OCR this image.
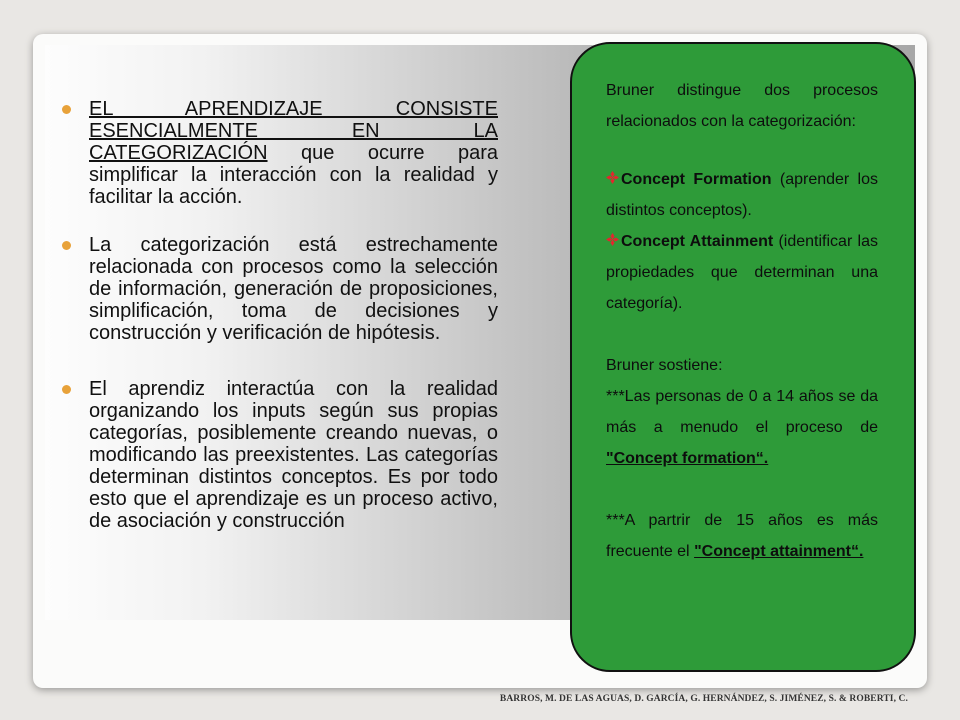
EL APRENDIZAJE CONSISTE ESENCIALMENTE EN LA CATEGORIZACIÓN que ocurre para simplificar la interacción con la realidad y facilitar la acción.
La categorización está estrechamente relacionada con procesos como la selección de información, generación de proposiciones, simplificación, toma de decisiones y construcción y verificación de hipótesis.
El aprendiz interactúa con la realidad organizando los inputs según sus propias categorías, posiblemente creando nuevas, o modificando las preexistentes. Las categorías determinan distintos conceptos. Es por todo esto que el aprendizaje es un proceso activo, de asociación y construcción

Bruner distingue dos procesos relacionados con la categorización:

Concept Formation (aprender los distintos conceptos).

Concept Attainment (identificar las propiedades que determinan una categoría).

Bruner sostiene:

***Las personas de 0 a 14 años se da más a menudo el proceso de "Concept formation“.

***A partrir de 15 años es más frecuente el "Concept attainment“.

BARROS, M. DE LAS AGUAS, D. GARCÍA, G. HERNÁNDEZ, S. JIMÉNEZ, S. & ROBERTI, C.
